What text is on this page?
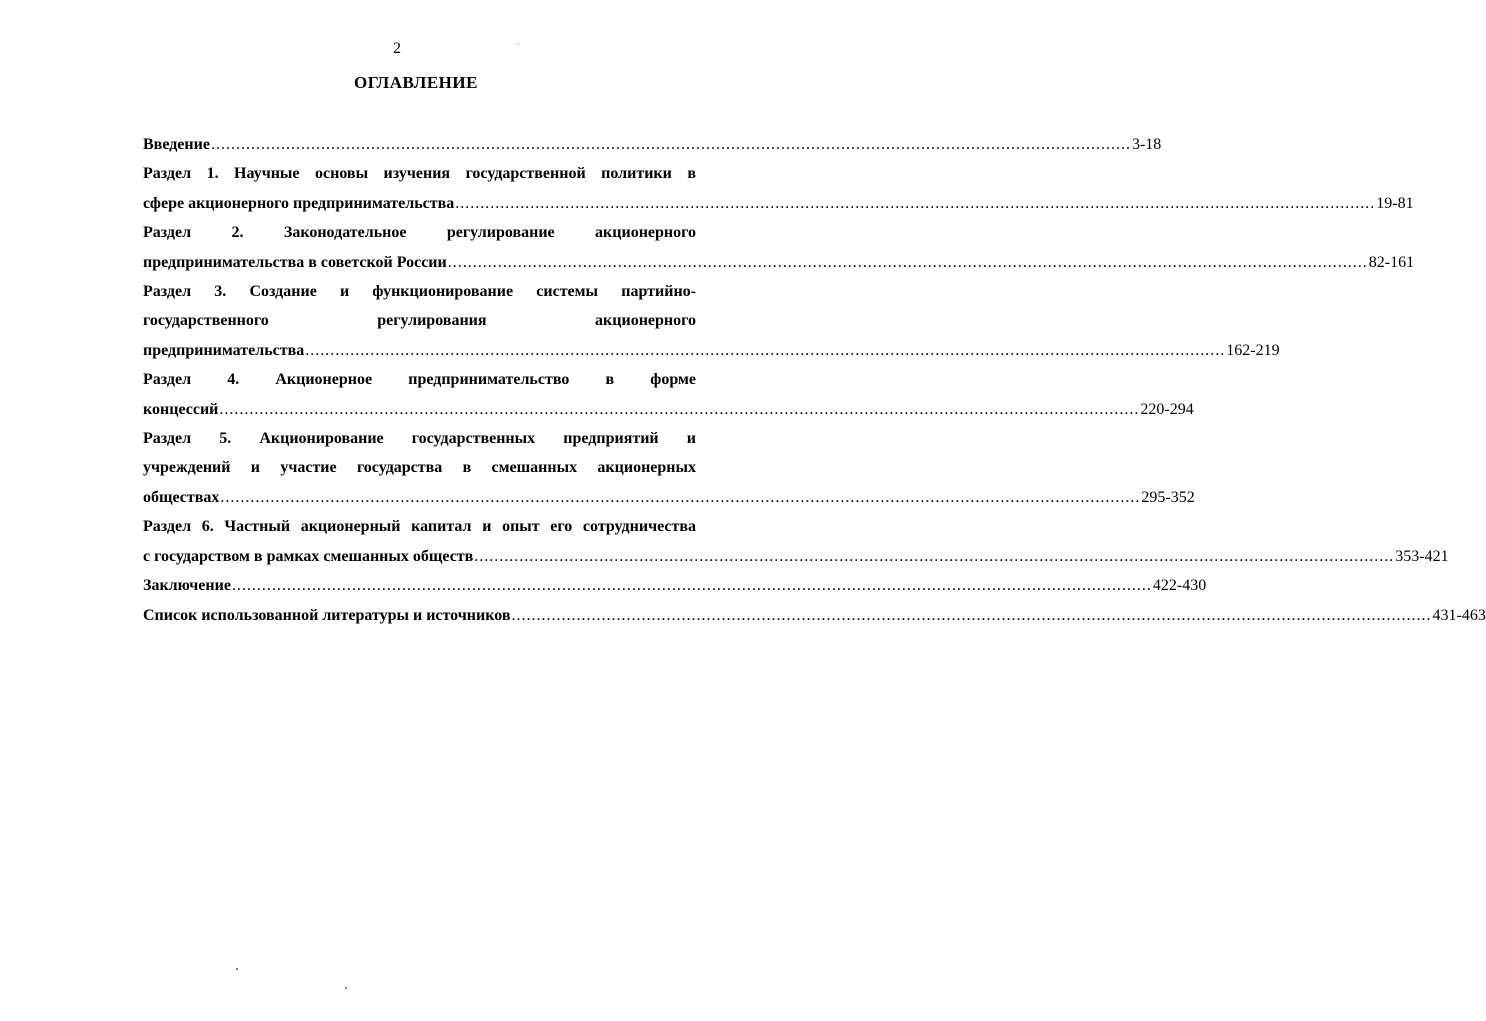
2
ОГЛАВЛЕНИЕ
Введение ........................................................................................................................................................................................ 3-18
Раздел 1. Научные основы изучения государственной политики в
сфере акционерного предпринимательства ........................................................................................................................................................................................ 19-81
Раздел 2. Законодательное регулирование акционерного
предпринимательства в советской России ........................................................................................................................................................................................ 82-161
Раздел 3. Создание и функционирование системы партийно-
государственного регулирования акционерного
предпринимательства ........................................................................................................................................................................................ 162-219
Раздел 4. Акционерное предпринимательство в форме
концессий ........................................................................................................................................................................................ 220-294
Раздел 5. Акционирование государственных предприятий и
учреждений и участие государства в смешанных акционерных
обществах ........................................................................................................................................................................................ 295-352
Раздел 6. Частный акционерный капитал и опыт его сотрудничества
с государством в рамках смешанных обществ ........................................................................................................................................................................................ 353-421
Заключение ........................................................................................................................................................................................ 422-430
Список использованной литературы и источников ........................................................................................................................................................................................ 431-463
